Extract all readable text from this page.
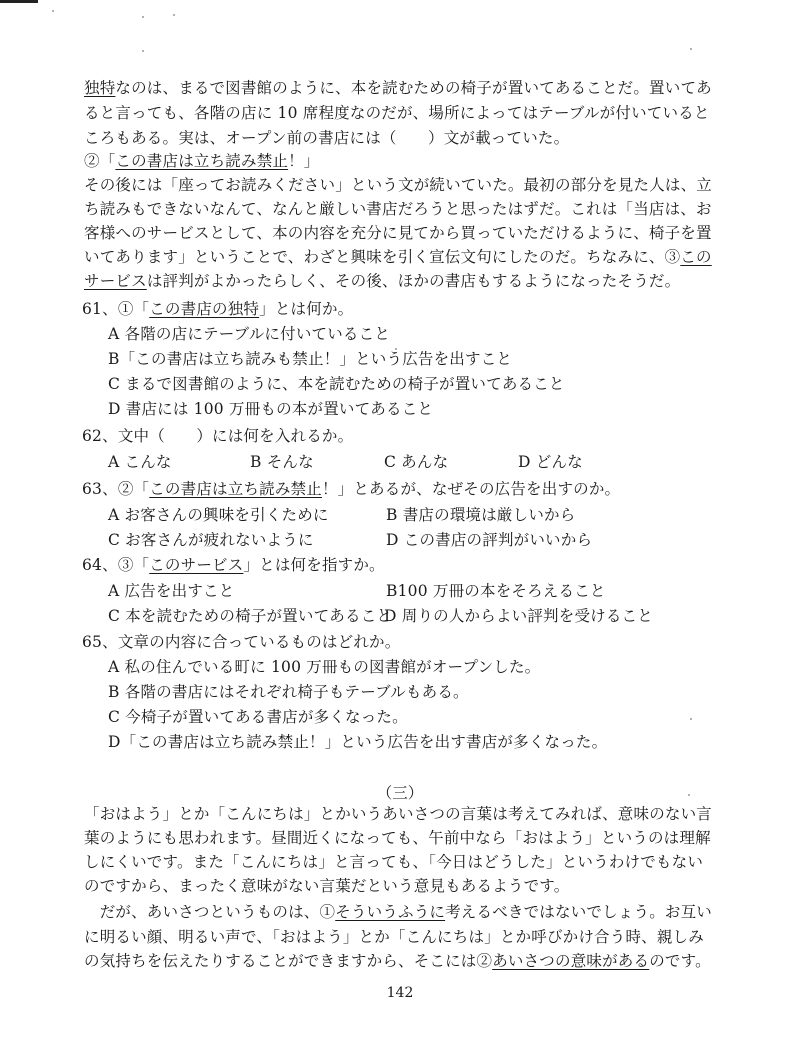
独特なのは、まるで図書館のように、本を読むための椅子が置いてあることだ。置いてあ
ると言っても、各階の店に 10 席程度なのだが、場所によってはテーブルが付いていると
ころもある。実は、オープン前の書店には（　　）文が載っていた。
②「この書店は立ち読み禁止！」
その後には「座ってお読みください」という文が続いていた。最初の部分を見た人は、立
ち読みもできないなんて、なんと厳しい書店だろうと思ったはずだ。これは「当店は、お
客様へのサービスとして、本の内容を充分に見てから買っていただけるように、椅子を置
いてあります」ということで、わざと興味を引く宣伝文句にしたのだ。ちなみに、③この
サービスは評判がよかったらしく、その後、ほかの書店もするようになったそうだ。
61、①「この書店の独特」とは何か。
A 各階の店にテーブルに付いていること
B「この書店は立ち読みも禁止！」という広告を出すこと
C まるで図書館のように、本を読むための椅子が置いてあること
D 書店には 100 万冊もの本が置いてあること
62、文中（　　）には何を入れるか。
A こんな	B そんな	C あんな	D どんな
63、②「この書店は立ち読み禁止！」とあるが、なぜその広告を出すのか。
A お客さんの興味を引くために	B 書店の環境は厳しいから
C お客さんが疲れないように	D この書店の評判がいいから
64、③「このサービス」とは何を指すか。
A 広告を出すこと	B100 万冊の本をそろえること
C 本を読むための椅子が置いてあること
D 周りの人からよい評判を受けること
65、文章の内容に合っているものはどれか。
A 私の住んでいる町に 100 万冊もの図書館がオープンした。
B 各階の書店にはそれぞれ椅子もテーブルもある。
C 今椅子が置いてある書店が多くなった。
D「この書店は立ち読み禁止！」という広告を出す書店が多くなった。
（三）
「おはよう」とか「こんにちは」とかいうあいさつの言葉は考えてみれば、意味のない言
葉のようにも思われます。昼間近くになっても、午前中なら「おはよう」というのは理解
しにくいです。また「こんにちは」と言っても、「今日はどうした」というわけでもない
のですから、まったく意味がない言葉だという意見もあるようです。
　だが、あいさつというものは、①そういうふうに考えるべきではないでしょう。お互い
に明るい顔、明るい声で、「おはよう」とか「こんにちは」とか呼びかけ合う時、親しみ
の気持ちを伝えたりすることができますから、そこには②あいさつの意味があるのです。
142
